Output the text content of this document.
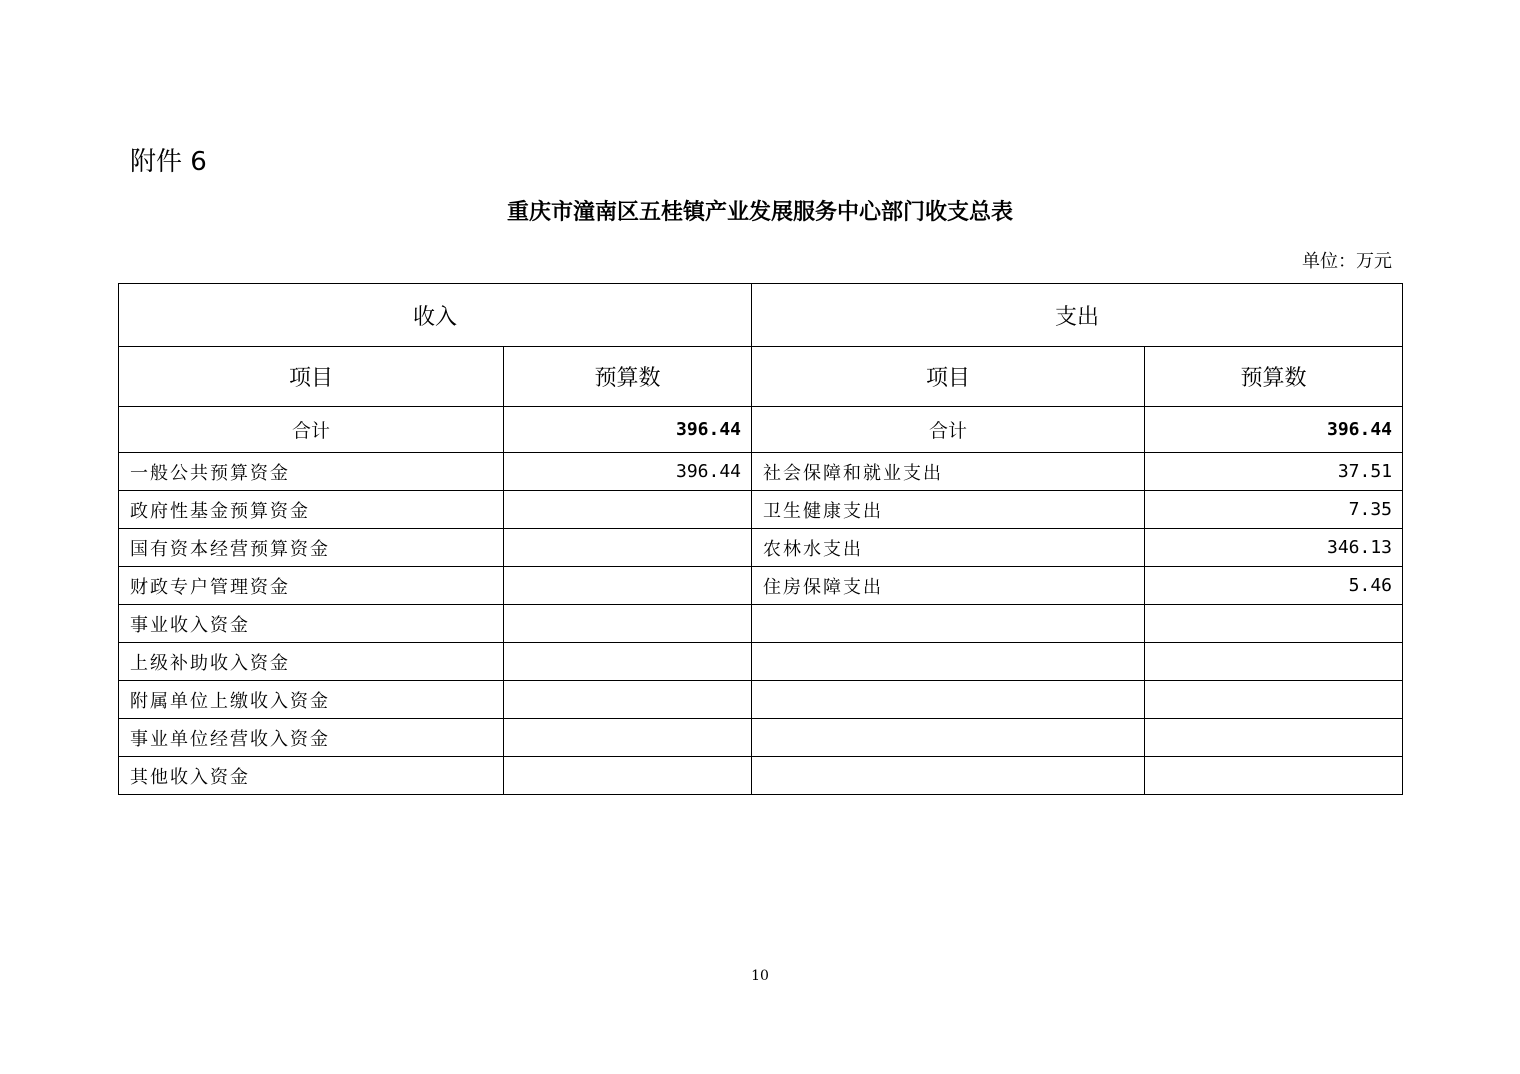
附件 6
重庆市潼南区五桂镇产业发展服务中心部门收支总表
单位：万元
收入		支出	
项目	预算数	项目	预算数
合计	396.44	合计	396.44
一般公共预算资金	396.44	社会保障和就业支出	37.51
政府性基金预算资金		卫生健康支出	7.35
国有资本经营预算资金		农林水支出	346.13
财政专户管理资金		住房保障支出	5.46
事业收入资金			
上级补助收入资金			
附属单位上缴收入资金			
事业单位经营收入资金			
其他收入资金			
10
